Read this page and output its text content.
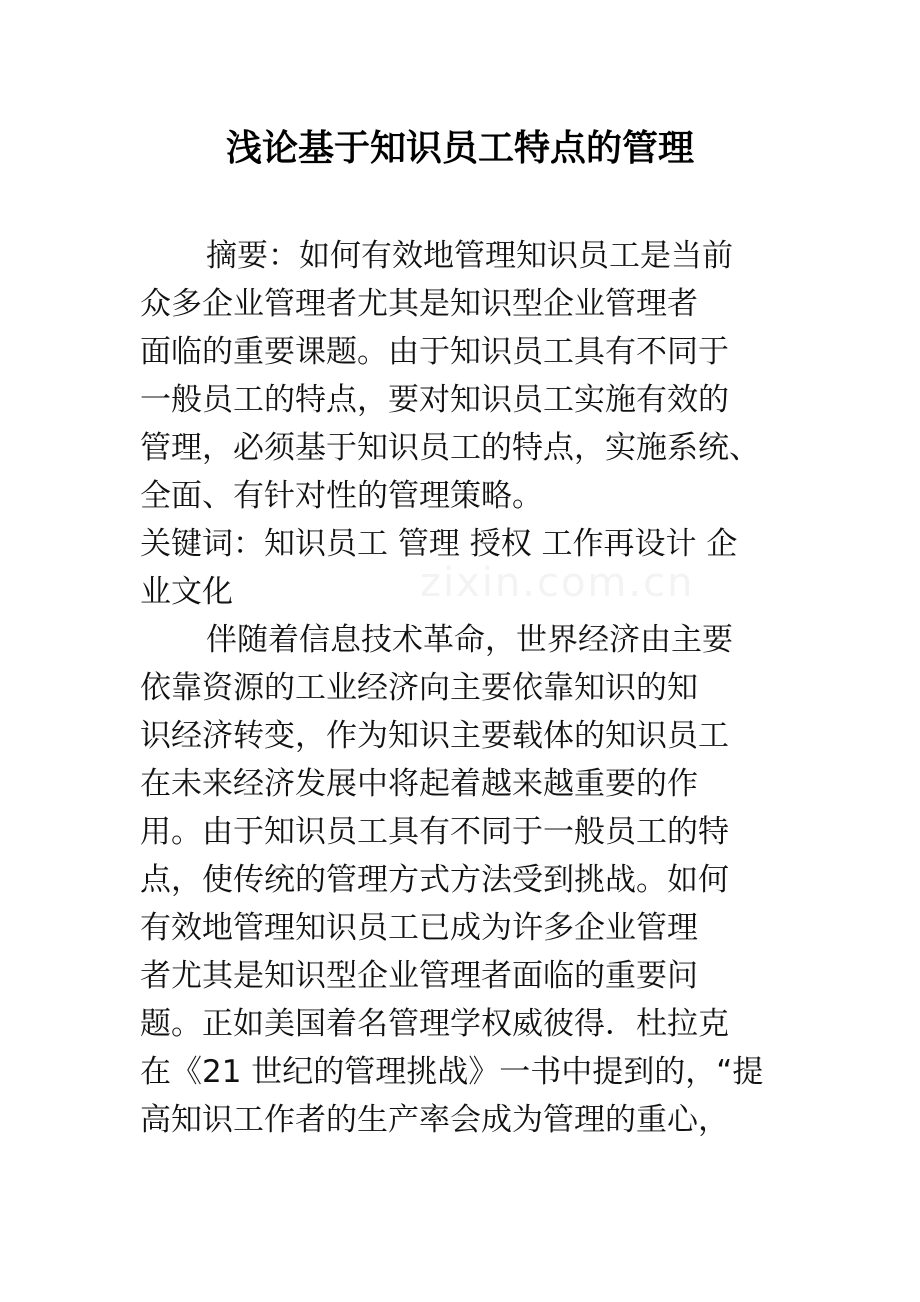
浅论基于知识员工特点的管理
zixin.com.cn
摘要：如何有效地管理知识员工是当前
众多企业管理者尤其是知识型企业管理者
面临的重要课题。由于知识员工具有不同于
一般员工的特点，要对知识员工实施有效的
管理，必须基于知识员工的特点，实施系统、
全面、有针对性的管理策略。
关键词：知识员工 管理 授权 工作再设计 企
业文化
伴随着信息技术革命，世界经济由主要
依靠资源的工业经济向主要依靠知识的知
识经济转变，作为知识主要载体的知识员工
在未来经济发展中将起着越来越重要的作
用。由于知识员工具有不同于一般员工的特
点，使传统的管理方式方法受到挑战。如何
有效地管理知识员工已成为许多企业管理
者尤其是知识型企业管理者面临的重要问
题。正如美国着名管理学权威彼得．杜拉克
在《21 世纪的管理挑战》一书中提到的，“提
高知识工作者的生产率会成为管理的重心，
